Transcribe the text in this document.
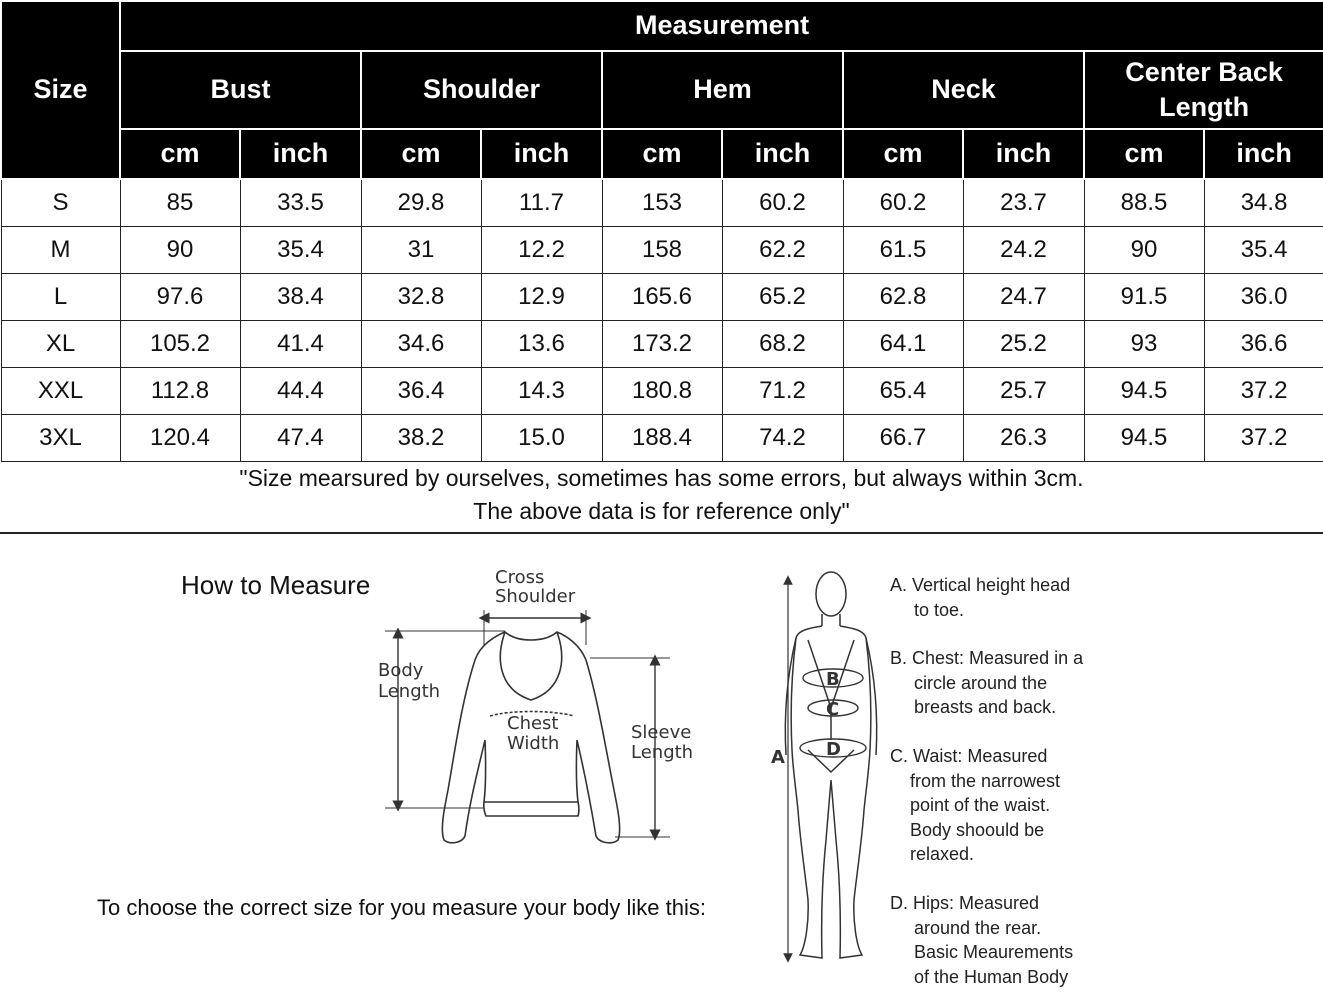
Size	Measurement									
	Bust		Shoulder		Hem		Neck		Center Back Length	
	cm	inch	cm	inch	cm	inch	cm	inch	cm	inch
S	85	33.5	29.8	11.7	153	60.2	60.2	23.7	88.5	34.8
M	90	35.4	31	12.2	158	62.2	61.5	24.2	90	35.4
L	97.6	38.4	32.8	12.9	165.6	65.2	62.8	24.7	91.5	36.0
XL	105.2	41.4	34.6	13.6	173.2	68.2	64.1	25.2	93	36.6
XXL	112.8	44.4	36.4	14.3	180.8	71.2	65.4	25.7	94.5	37.2
3XL	120.4	47.4	38.2	15.0	188.4	74.2	66.7	26.3	94.5	37.2
"Size mearsured by ourselves, sometimes has some errors, but always within 3cm.
The above data is for reference only"
How to Measure
To choose the correct size for you measure your body like this:
Cross
Shoulder
Body
Length
Chest
Width
Sleeve
Length	A
B
C
D
A. Vertical height head
to toe.
B. Chest: Measured in a
circle around the
breasts and back.
C. Waist: Measured
from the narrowest
point of the waist.
Body shoould be
relaxed.
D. Hips: Measured
around the rear.
Basic Meaurements
of the Human Body
